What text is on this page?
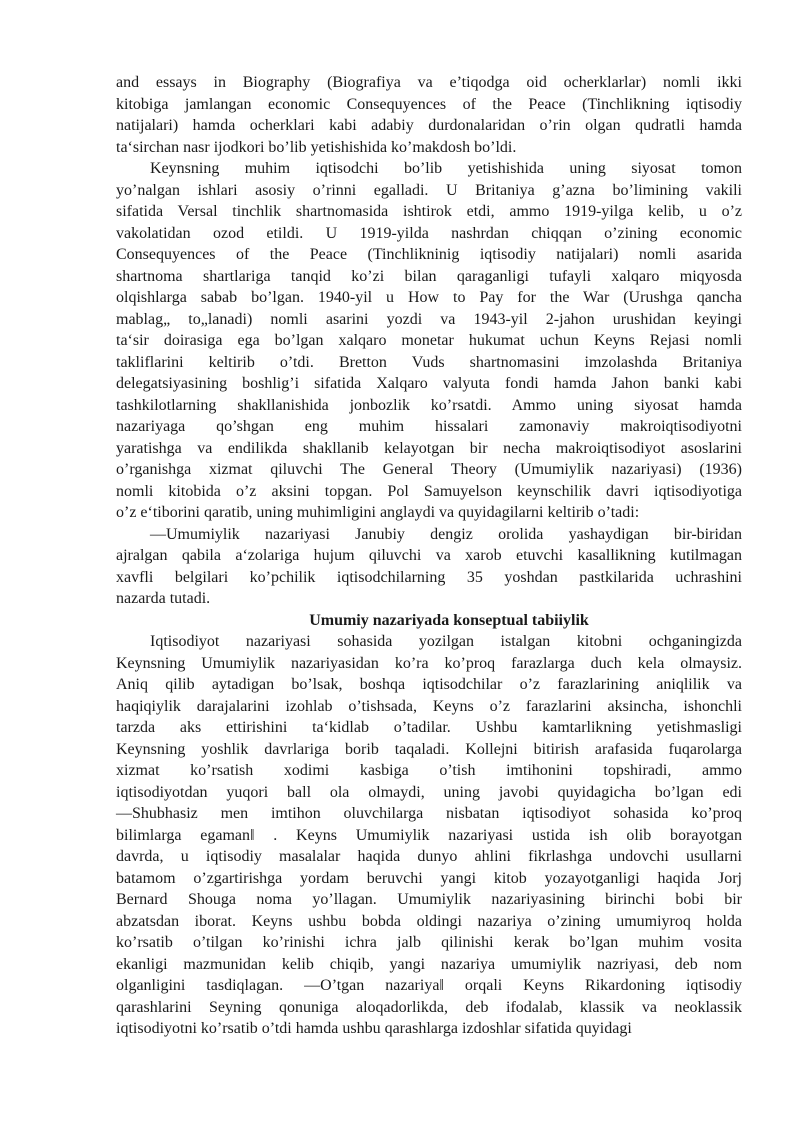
and essays in Biography (Biografiya va e’tiqodga oid ocherklarlar) nomli ikki
kitobiga jamlangan economic Consequyences of the Peace (Tinchlikning iqtisodiy
natijalari) hamda ocherklari kabi adabiy durdonalaridan o’rin olgan qudratli hamda
ta‘sirchan nasr ijodkori bo’lib yetishishida ko’makdosh bo’ldi.
Keynsning muhim iqtisodchi bo’lib yetishishida uning siyosat tomon
yo’nalgan ishlari asosiy o’rinni egalladi. U Britaniya g’azna bo’limining vakili
sifatida Versal tinchlik shartnomasida ishtirok etdi, ammo 1919-yilga kelib, u o’z
vakolatidan ozod etildi. U 1919-yilda nashrdan chiqqan o’zining economic
Consequyences of the Peace (Tinchlikninig iqtisodiy natijalari) nomli asarida
shartnoma shartlariga tanqid ko’zi bilan qaraganligi tufayli xalqaro miqyosda
olqishlarga sabab bo’lgan. 1940-yil u How to Pay for the War (Urushga qancha
mablag„ to„lanadi) nomli asarini yozdi va 1943-yil 2-jahon urushidan keyingi
ta‘sir doirasiga ega bo’lgan xalqaro monetar hukumat uchun Keyns Rejasi nomli
takliflarini keltirib o’tdi. Bretton Vuds shartnomasini imzolashda Britaniya
delegatsiyasining boshlig’i sifatida Xalqaro valyuta fondi hamda Jahon banki kabi
tashkilotlarning shakllanishida jonbozlik ko’rsatdi. Ammo uning siyosat hamda
nazariyaga qo’shgan eng muhim hissalari zamonaviy makroiqtisodiyotni
yaratishga va endilikda shakllanib kelayotgan bir necha makroiqtisodiyot asoslarini
o’rganishga xizmat qiluvchi The General Theory (Umumiylik nazariyasi) (1936)
nomli kitobida o’z aksini topgan. Pol Samuyelson keynschilik davri iqtisodiyotiga
o’z e‘tiborini qaratib, uning muhimligini anglaydi va quyidagilarni keltirib o’tadi:
―Umumiylik nazariyasi Janubiy dengiz orolida yashaydigan bir-biridan
ajralgan qabila a‘zolariga hujum qiluvchi va xarob etuvchi kasallikning kutilmagan
xavfli belgilari ko’pchilik iqtisodchilarning 35 yoshdan pastkilarida uchrashini
nazarda tutadi.
Umumiy nazariyada konseptual tabiiylik
Iqtisodiyot nazariyasi sohasida yozilgan istalgan kitobni ochganingizda
Keynsning Umumiylik nazariyasidan ko’ra ko’proq farazlarga duch kela olmaysiz.
Aniq qilib aytadigan bo’lsak, boshqa iqtisodchilar o’z farazlarining aniqlilik va
haqiqiylik darajalarini izohlab o’tishsada, Keyns o’z farazlarini aksincha, ishonchli
tarzda aks ettirishini ta‘kidlab o’tadilar. Ushbu kamtarlikning yetishmasligi
Keynsning yoshlik davrlariga borib taqaladi. Kollejni bitirish arafasida fuqarolarga
xizmat ko’rsatish xodimi kasbiga o’tish imtihonini topshiradi, ammo
iqtisodiyotdan yuqori ball ola olmaydi, uning javobi quyidagicha bo’lgan edi
―Shubhasiz men imtihon oluvchilarga nisbatan iqtisodiyot sohasida ko’proq
bilimlarga egaman‖ . Keyns Umumiylik nazariyasi ustida ish olib borayotgan
davrda, u iqtisodiy masalalar haqida dunyo ahlini fikrlashga undovchi usullarni
batamom o’zgartirishga yordam beruvchi yangi kitob yozayotganligi haqida Jorj
Bernard Shouga noma yo’llagan. Umumiylik nazariyasining birinchi bobi bir
abzatsdan iborat. Keyns ushbu bobda oldingi nazariya o’zining umumiyroq holda
ko’rsatib o’tilgan ko’rinishi ichra jalb qilinishi kerak bo’lgan muhim vosita
ekanligi mazmunidan kelib chiqib, yangi nazariya umumiylik nazriyasi, deb nom
olganligini tasdiqlagan. ―O’tgan nazariya‖ orqali Keyns Rikardoning iqtisodiy
qarashlarini Seyning qonuniga aloqadorlikda, deb ifodalab, klassik va neoklassik
iqtisodiyotni ko’rsatib o’tdi hamda ushbu qarashlarga izdoshlar sifatida quyidagi
